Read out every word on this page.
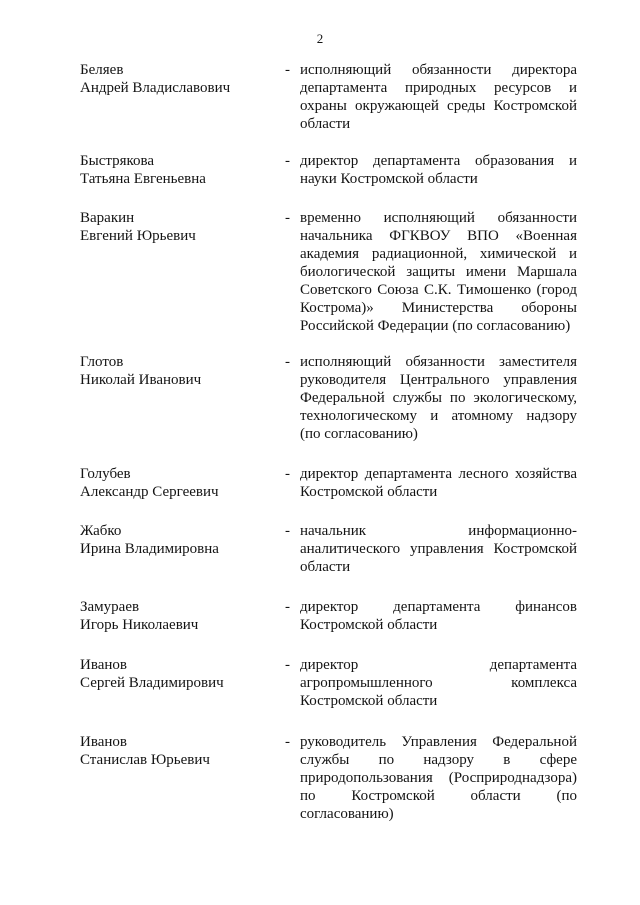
2
Беляев
Андрей Владиславович
- исполняющий обязанности директора
департамента природных ресурсов и
охраны окружающей среды Костромской
области
Быстрякова
Татьяна Евгеньевна
- директор департамента образования и
науки Костромской области
Варакин
Евгений Юрьевич
- временно исполняющий обязанности
начальника ФГКВОУ ВПО «Военная
академия радиационной, химической и
биологической защиты имени Маршала
Советского Союза С.К. Тимошенко (город
Кострома)» Министерства обороны
Российской Федерации (по согласованию)
Глотов
Николай Иванович
- исполняющий обязанности заместителя
руководителя Центрального управления
Федеральной службы по экологическому,
технологическому и атомному надзору
(по согласованию)
Голубев
Александр Сергеевич
- директор департамента лесного хозяйства
Костромской области
Жабко
Ирина Владимировна
- начальник информационно-
аналитического управления Костромской
области
Замураев
Игорь Николаевич
- директор департамента финансов
Костромской области
Иванов
Сергей Владимирович
- директор департамента
агропромышленного комплекса
Костромской области
Иванов
Станислав Юрьевич
- руководитель Управления Федеральной
службы по надзору в сфере
природопользования (Росприроднадзора)
по Костромской области (по
согласованию)
